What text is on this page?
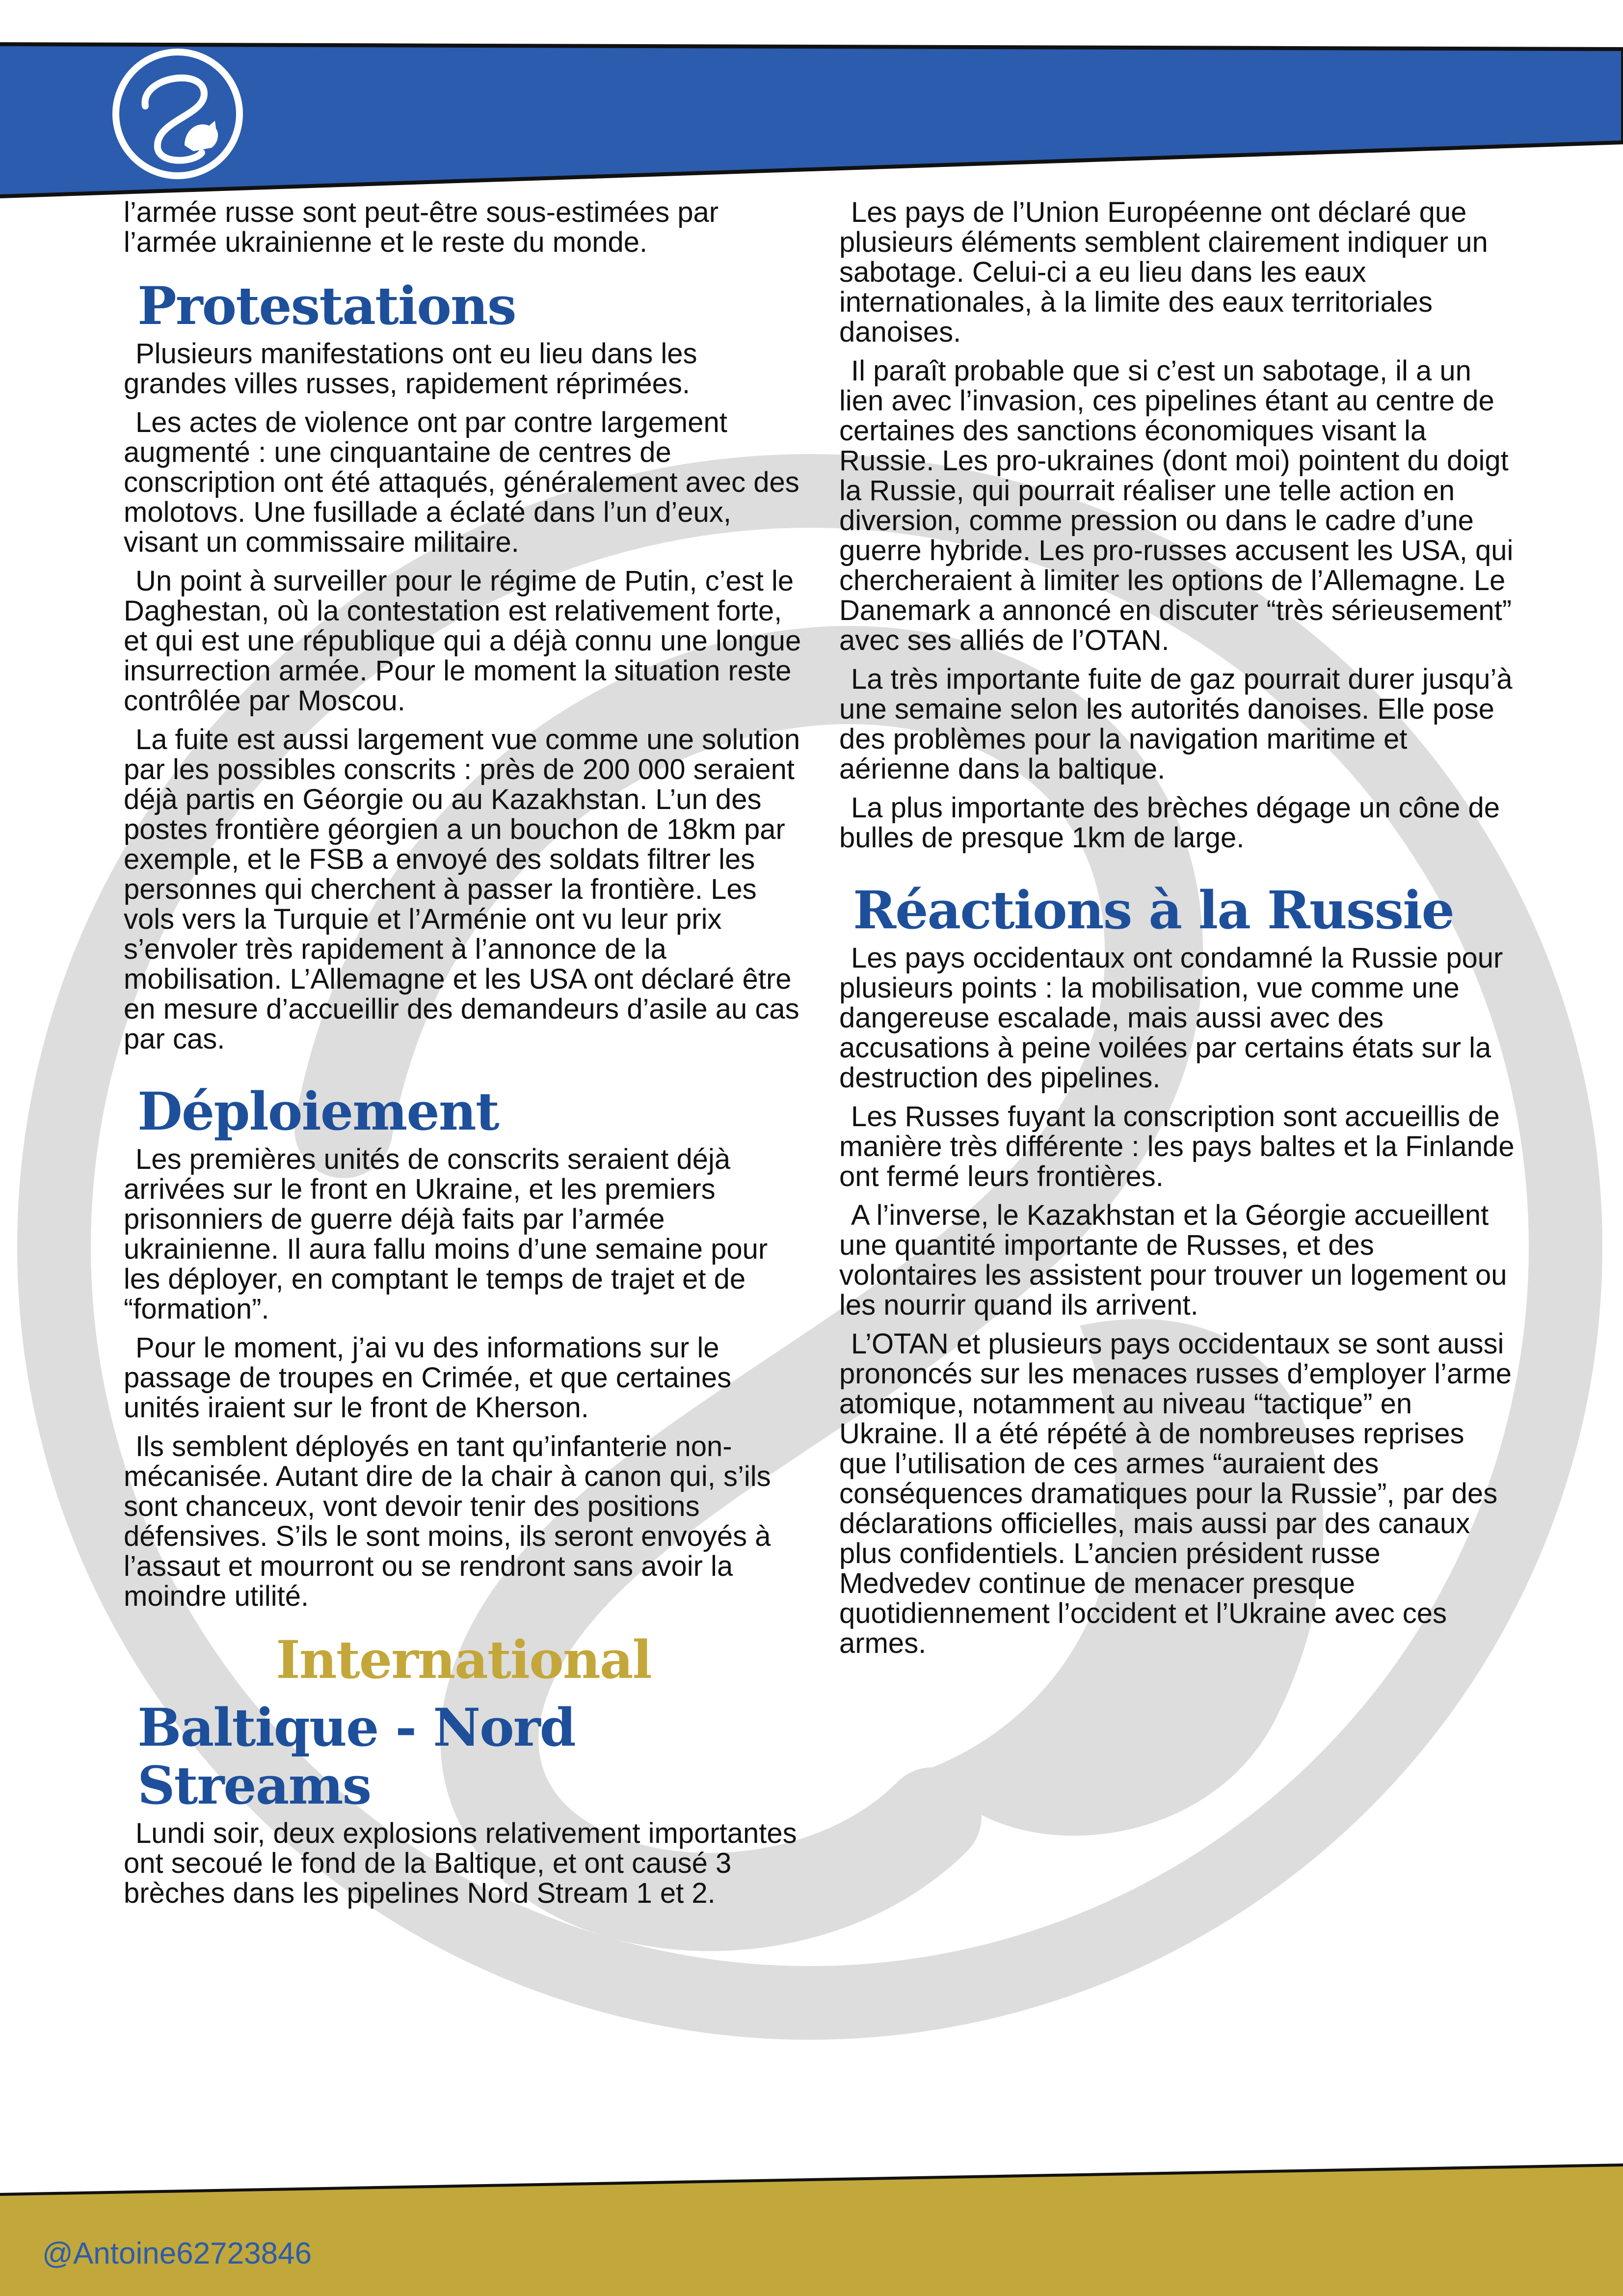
@Antoine62723846

l’armée russe sont peut-être sous-estimées par l’armée ukrainienne et le reste du monde.

Protestations

Plusieurs manifestations ont eu lieu dans les grandes villes russes, rapidement réprimées.

Les actes de violence ont par contre largement augmenté : une cinquantaine de centres de conscription ont été attaqués, généralement avec des molotovs. Une fusillade a éclaté dans l’un d’eux, visant un commissaire militaire.

Un point à surveiller pour le régime de Putin, c’est le Daghestan, où la contestation est relativement forte, et qui est une république qui a déjà connu une longue insurrection armée. Pour le moment la situation reste contrôlée par Moscou.

La fuite est aussi largement vue comme une solution par les possibles conscrits : près de 200 000 seraient déjà partis en Géorgie ou au Kazakhstan. L’un des postes frontière géorgien a un bouchon de 18km par exemple, et le FSB a envoyé des soldats filtrer les personnes qui cherchent à passer la frontière. Les vols vers la Turquie et l’Arménie ont vu leur prix s’envoler très rapidement à l’annonce de la mobilisation. L’Allemagne et les USA ont déclaré être en mesure d’accueillir des demandeurs d’asile au cas par cas.

Déploiement

Les premières unités de conscrits seraient déjà arrivées sur le front en Ukraine, et les premiers prisonniers de guerre déjà faits par l’armée ukrainienne. Il aura fallu moins d’une semaine pour les déployer, en comptant le temps de trajet et de “formation”.

Pour le moment, j’ai vu des informations sur le passage de troupes en Crimée, et que certaines unités iraient sur le front de Kherson.

Ils semblent déployés en tant qu’infanterie non-mécanisée. Autant dire de la chair à canon qui, s’ils sont chanceux, vont devoir tenir des positions défensives. S’ils le sont moins, ils seront envoyés à l’assaut et mourront ou se rendront sans avoir la moindre utilité.

International
Baltique - Nord Streams

Lundi soir, deux explosions relativement importantes ont secoué le fond de la Baltique, et ont causé 3 brèches dans les pipelines Nord Stream 1 et 2.

Les pays de l’Union Européenne ont déclaré que plusieurs éléments semblent clairement indiquer un sabotage. Celui-ci a eu lieu dans les eaux internationales, à la limite des eaux territoriales danoises.

Il paraît probable que si c’est un sabotage, il a un lien avec l’invasion, ces pipelines étant au centre de certaines des sanctions économiques visant la Russie. Les pro-ukraines (dont moi) pointent du doigt la Russie, qui pourrait réaliser une telle action en diversion, comme pression ou dans le cadre d’une guerre hybride. Les pro-russes accusent les USA, qui chercheraient à limiter les options de l’Allemagne. Le Danemark a annoncé en discuter “très sérieusement” avec ses alliés de l’OTAN.

La très importante fuite de gaz pourrait durer jusqu’à une semaine selon les autorités danoises. Elle pose des problèmes pour la navigation maritime et aérienne dans la baltique.

La plus importante des brèches dégage un cône de bulles de presque 1km de large.

Réactions à la Russie

Les pays occidentaux ont condamné la Russie pour plusieurs points : la mobilisation, vue comme une dangereuse escalade, mais aussi avec des accusations à peine voilées par certains états sur la destruction des pipelines.

Les Russes fuyant la conscription sont accueillis de manière très différente : les pays baltes et la Finlande ont fermé leurs frontières.

A l’inverse, le Kazakhstan et la Géorgie accueillent une quantité importante de Russes, et des volontaires les assistent pour trouver un logement ou les nourrir quand ils arrivent.

L’OTAN et plusieurs pays occidentaux se sont aussi prononcés sur les menaces russes d’employer l’arme atomique, notamment au niveau “tactique” en Ukraine. Il a été répété à de nombreuses reprises que l’utilisation de ces armes “auraient des conséquences dramatiques pour la Russie”, par des déclarations officielles, mais aussi par des canaux plus confidentiels. L’ancien président russe Medvedev continue de menacer presque quotidiennement l’occident et l’Ukraine avec ces armes.
